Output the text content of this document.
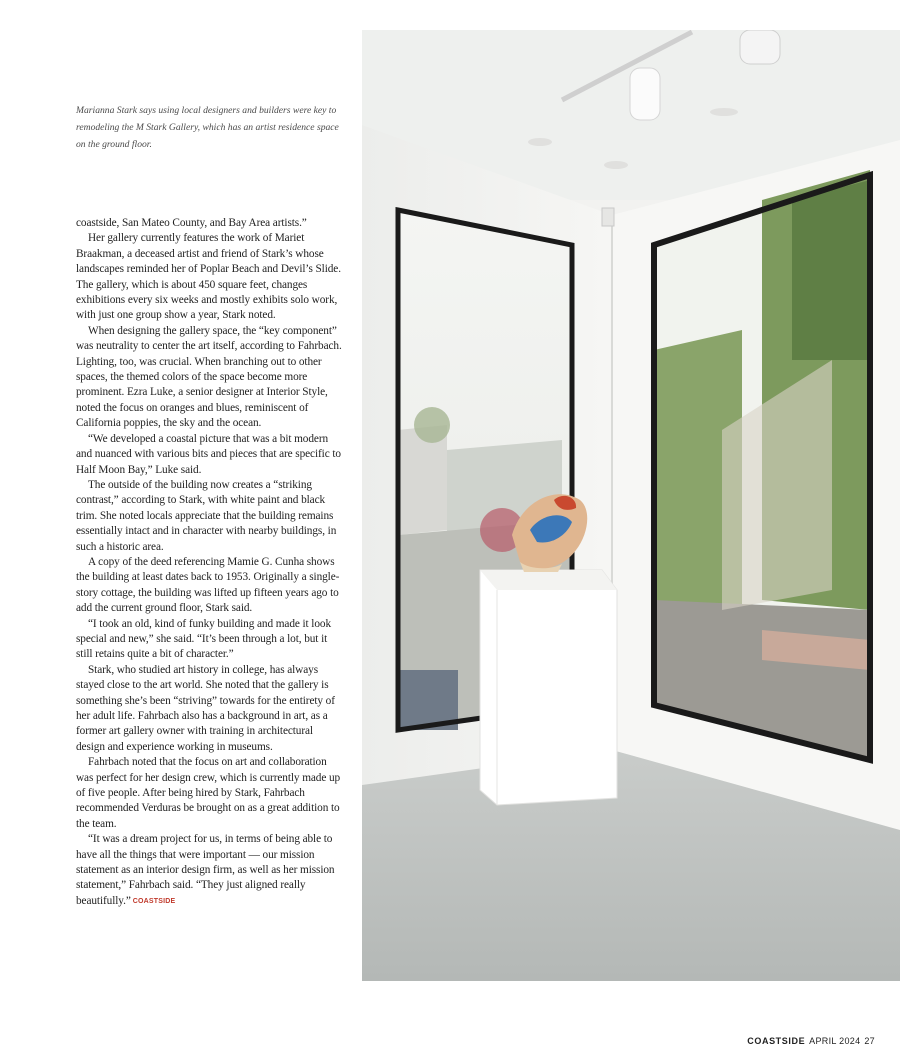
Marianna Stark says using local designers and builders were key to remodeling the M Stark Gallery, which has an artist residence space on the ground floor.

coastside, San Mateo County, and Bay Area artists.”

Her gallery currently features the work of Mariet Braakman, a deceased artist and friend of Stark’s whose landscapes reminded her of Poplar Beach and Devil’s Slide. The gallery, which is about 450 square feet, changes exhibitions every six weeks and mostly exhibits solo work, with just one group show a year, Stark noted.

When designing the gallery space, the “key component” was neutrality to center the art itself, according to Fahrbach. Lighting, too, was crucial. When branching out to other spaces, the themed colors of the space become more prominent. Ezra Luke, a senior designer at Interior Style, noted the focus on oranges and blues, reminiscent of California poppies, the sky and the ocean.

“We developed a coastal picture that was a bit modern and nuanced with various bits and pieces that are specific to Half Moon Bay,” Luke said.

The outside of the building now creates a “striking contrast,” according to Stark, with white paint and black trim. She noted locals appreciate that the building remains essentially intact and in character with nearby buildings, in such a historic area.

A copy of the deed referencing Mamie G. Cunha shows the building at least dates back to 1953. Originally a single-story cottage, the building was lifted up fifteen years ago to add the current ground floor, Stark said.

“I took an old, kind of funky building and made it look special and new,” she said. “It’s been through a lot, but it still retains quite a bit of character.”

Stark, who studied art history in college, has always stayed close to the art world. She noted that the gallery is something she’s been “striving” towards for the entirety of her adult life. Fahrbach also has a background in art, as a former art gallery owner with training in architectural design and experience working in museums.

Fahrbach noted that the focus on art and collaboration was perfect for her design crew, which is currently made up of five people. After being hired by Stark, Fahrbach recommended Verduras be brought on as a great addition to the team.

“It was a dream project for us, in terms of being able to have all the things that were important — our mission statement as an interior design firm, as well as her mission statement,” Fahrbach said. “They just aligned really beautifully.” COASTSIDE

COASTSIDE APRIL 2024 27
